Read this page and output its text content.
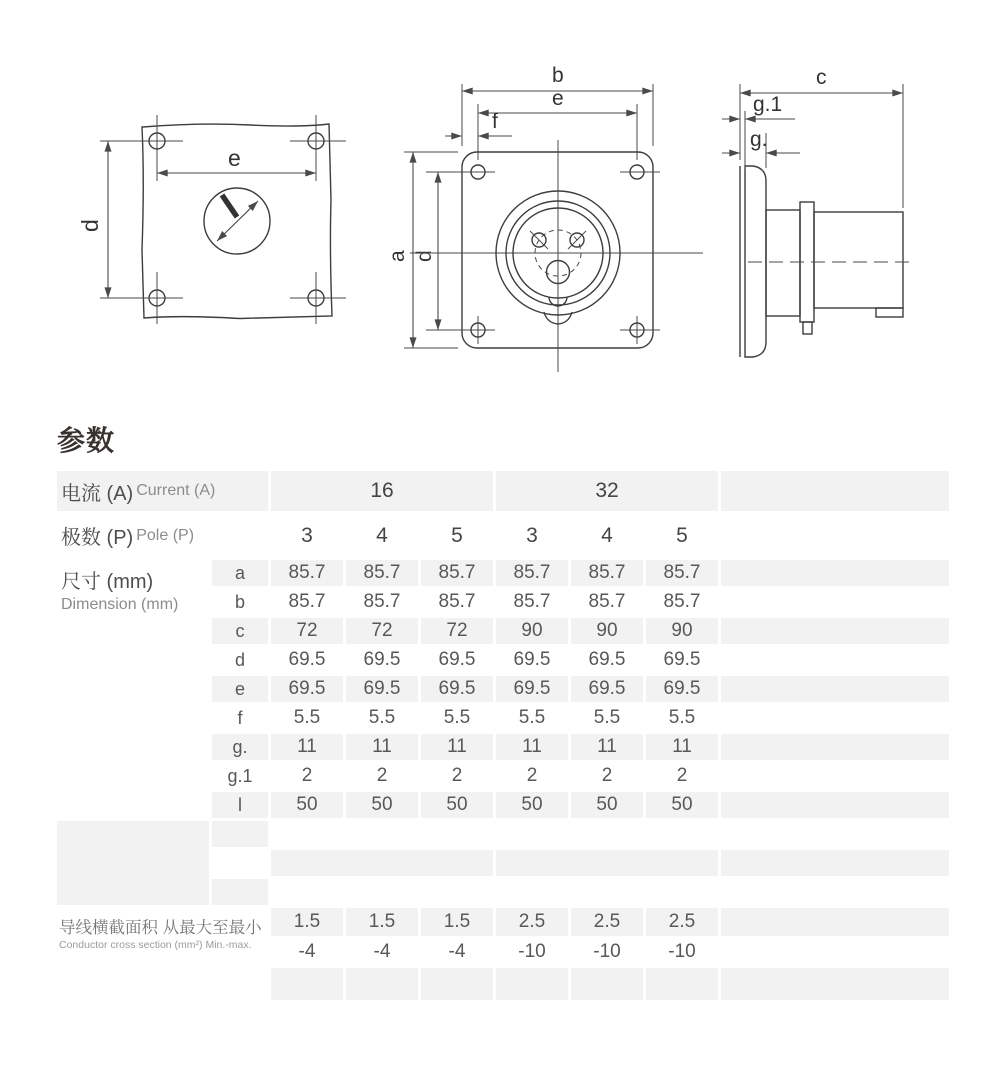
e
d
b
e
f
a d
c
g.1
g.
参数
电流 (A) Current (A)	16	32
极数 (P) Pole (P)	3	4	5	3	4	5
尺寸 (mm)
Dimension (mm)
a	85.7	85.7	85.7	85.7	85.7	85.7
b	85.7	85.7	85.7	85.7	85.7	85.7
c	72	72	72	90	90	90
d	69.5	69.5	69.5	69.5	69.5	69.5
e	69.5	69.5	69.5	69.5	69.5	69.5
f	5.5	5.5	5.5	5.5	5.5	5.5
g.	11	11	11	11	11	11
g.1	2	2	2	2	2	2
l	50	50	50	50	50	50
导线横截面积 从最大至最小
Conductor cross section (mm²) Min.-max.
1.5	1.5	1.5	2.5	2.5	2.5
-4	-4	-4	-10	-10	-10
